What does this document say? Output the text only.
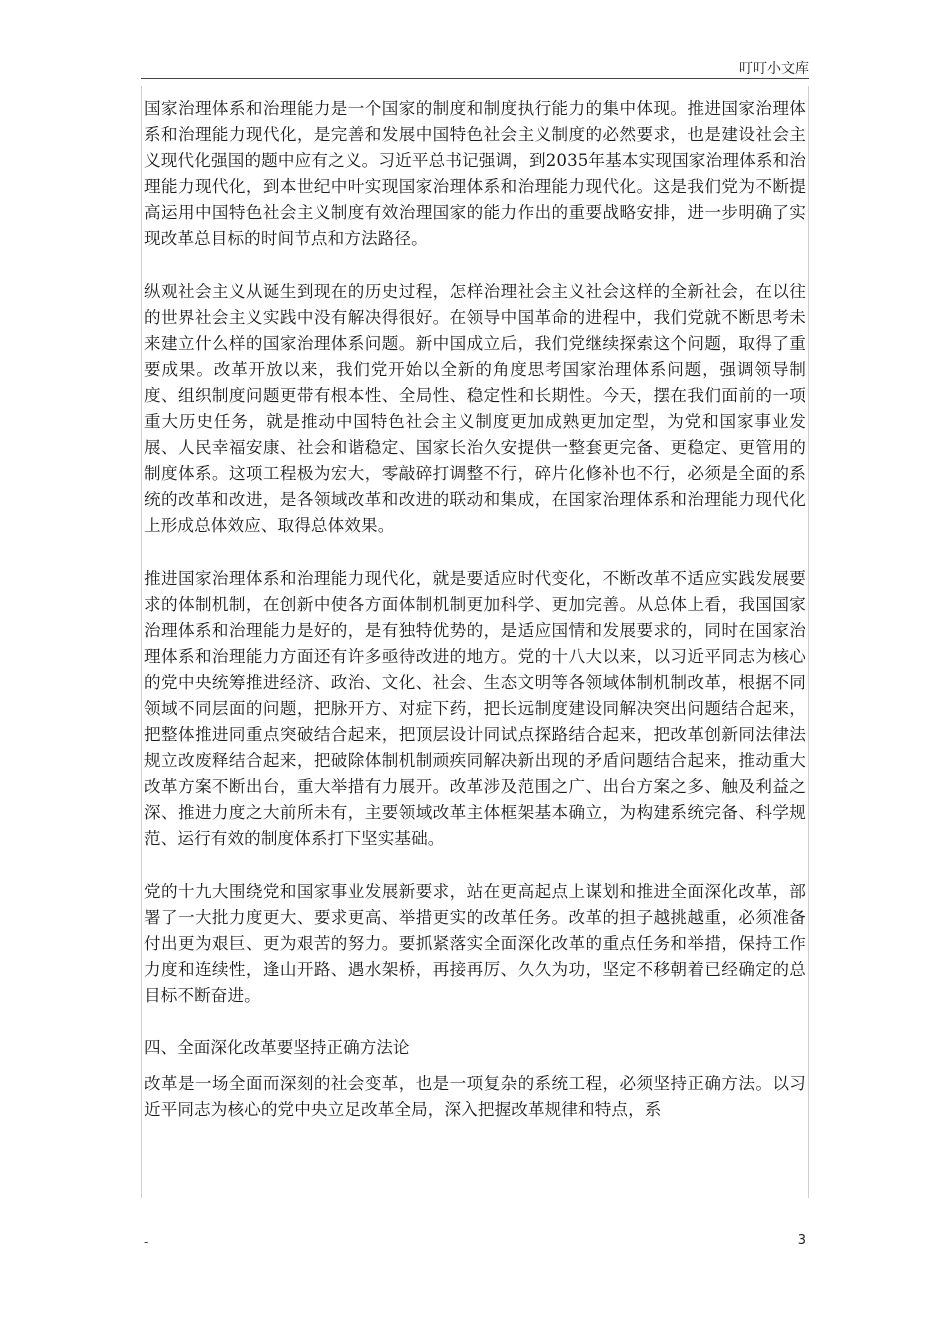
叮叮小文库

国家治理体系和治理能力是一个国家的制度和制度执行能力的集中体现。推进国家治理体系和治理能力现代化，是完善和发展中国特色社会主义制度的必然要求，也是建设社会主义现代化强国的题中应有之义。习近平总书记强调，到2035年基本实现国家治理体系和治理能力现代化，到本世纪中叶实现国家治理体系和治理能力现代化。这是我们党为不断提高运用中国特色社会主义制度有效治理国家的能力作出的重要战略安排，进一步明确了实现改革总目标的时间节点和方法路径。

纵观社会主义从诞生到现在的历史过程，怎样治理社会主义社会这样的全新社会，在以往的世界社会主义实践中没有解决得很好。在领导中国革命的进程中，我们党就不断思考未来建立什么样的国家治理体系问题。新中国成立后，我们党继续探索这个问题，取得了重要成果。改革开放以来，我们党开始以全新的角度思考国家治理体系问题，强调领导制度、组织制度问题更带有根本性、全局性、稳定性和长期性。今天，摆在我们面前的一项重大历史任务，就是推动中国特色社会主义制度更加成熟更加定型，为党和国家事业发展、人民幸福安康、社会和谐稳定、国家长治久安提供一整套更完备、更稳定、更管用的制度体系。这项工程极为宏大，零敲碎打调整不行，碎片化修补也不行，必须是全面的系统的改革和改进，是各领域改革和改进的联动和集成，在国家治理体系和治理能力现代化上形成总体效应、取得总体效果。

推进国家治理体系和治理能力现代化，就是要适应时代变化，不断改革不适应实践发展要求的体制机制，在创新中使各方面体制机制更加科学、更加完善。从总体上看，我国国家治理体系和治理能力是好的，是有独特优势的，是适应国情和发展要求的，同时在国家治理体系和治理能力方面还有许多亟待改进的地方。党的十八大以来，以习近平同志为核心的党中央统筹推进经济、政治、文化、社会、生态文明等各领域体制机制改革，根据不同领域不同层面的问题，把脉开方、对症下药，把长远制度建设同解决突出问题结合起来，把整体推进同重点突破结合起来，把顶层设计同试点探路结合起来，把改革创新同法律法规立改废释结合起来，把破除体制机制顽疾同解决新出现的矛盾问题结合起来，推动重大改革方案不断出台，重大举措有力展开。改革涉及范围之广、出台方案之多、触及利益之深、推进力度之大前所未有，主要领域改革主体框架基本确立，为构建系统完备、科学规范、运行有效的制度体系打下坚实基础。

党的十九大围绕党和国家事业发展新要求，站在更高起点上谋划和推进全面深化改革，部署了一大批力度更大、要求更高、举措更实的改革任务。改革的担子越挑越重，必须准备付出更为艰巨、更为艰苦的努力。要抓紧落实全面深化改革的重点任务和举措，保持工作力度和连续性，逢山开路、遇水架桥，再接再厉、久久为功，坚定不移朝着已经确定的总目标不断奋进。

四、全面深化改革要坚持正确方法论

改革是一场全面而深刻的社会变革，也是一项复杂的系统工程，必须坚持正确方法。以习近平同志为核心的党中央立足改革全局，深入把握改革规律和特点，系

-	3
